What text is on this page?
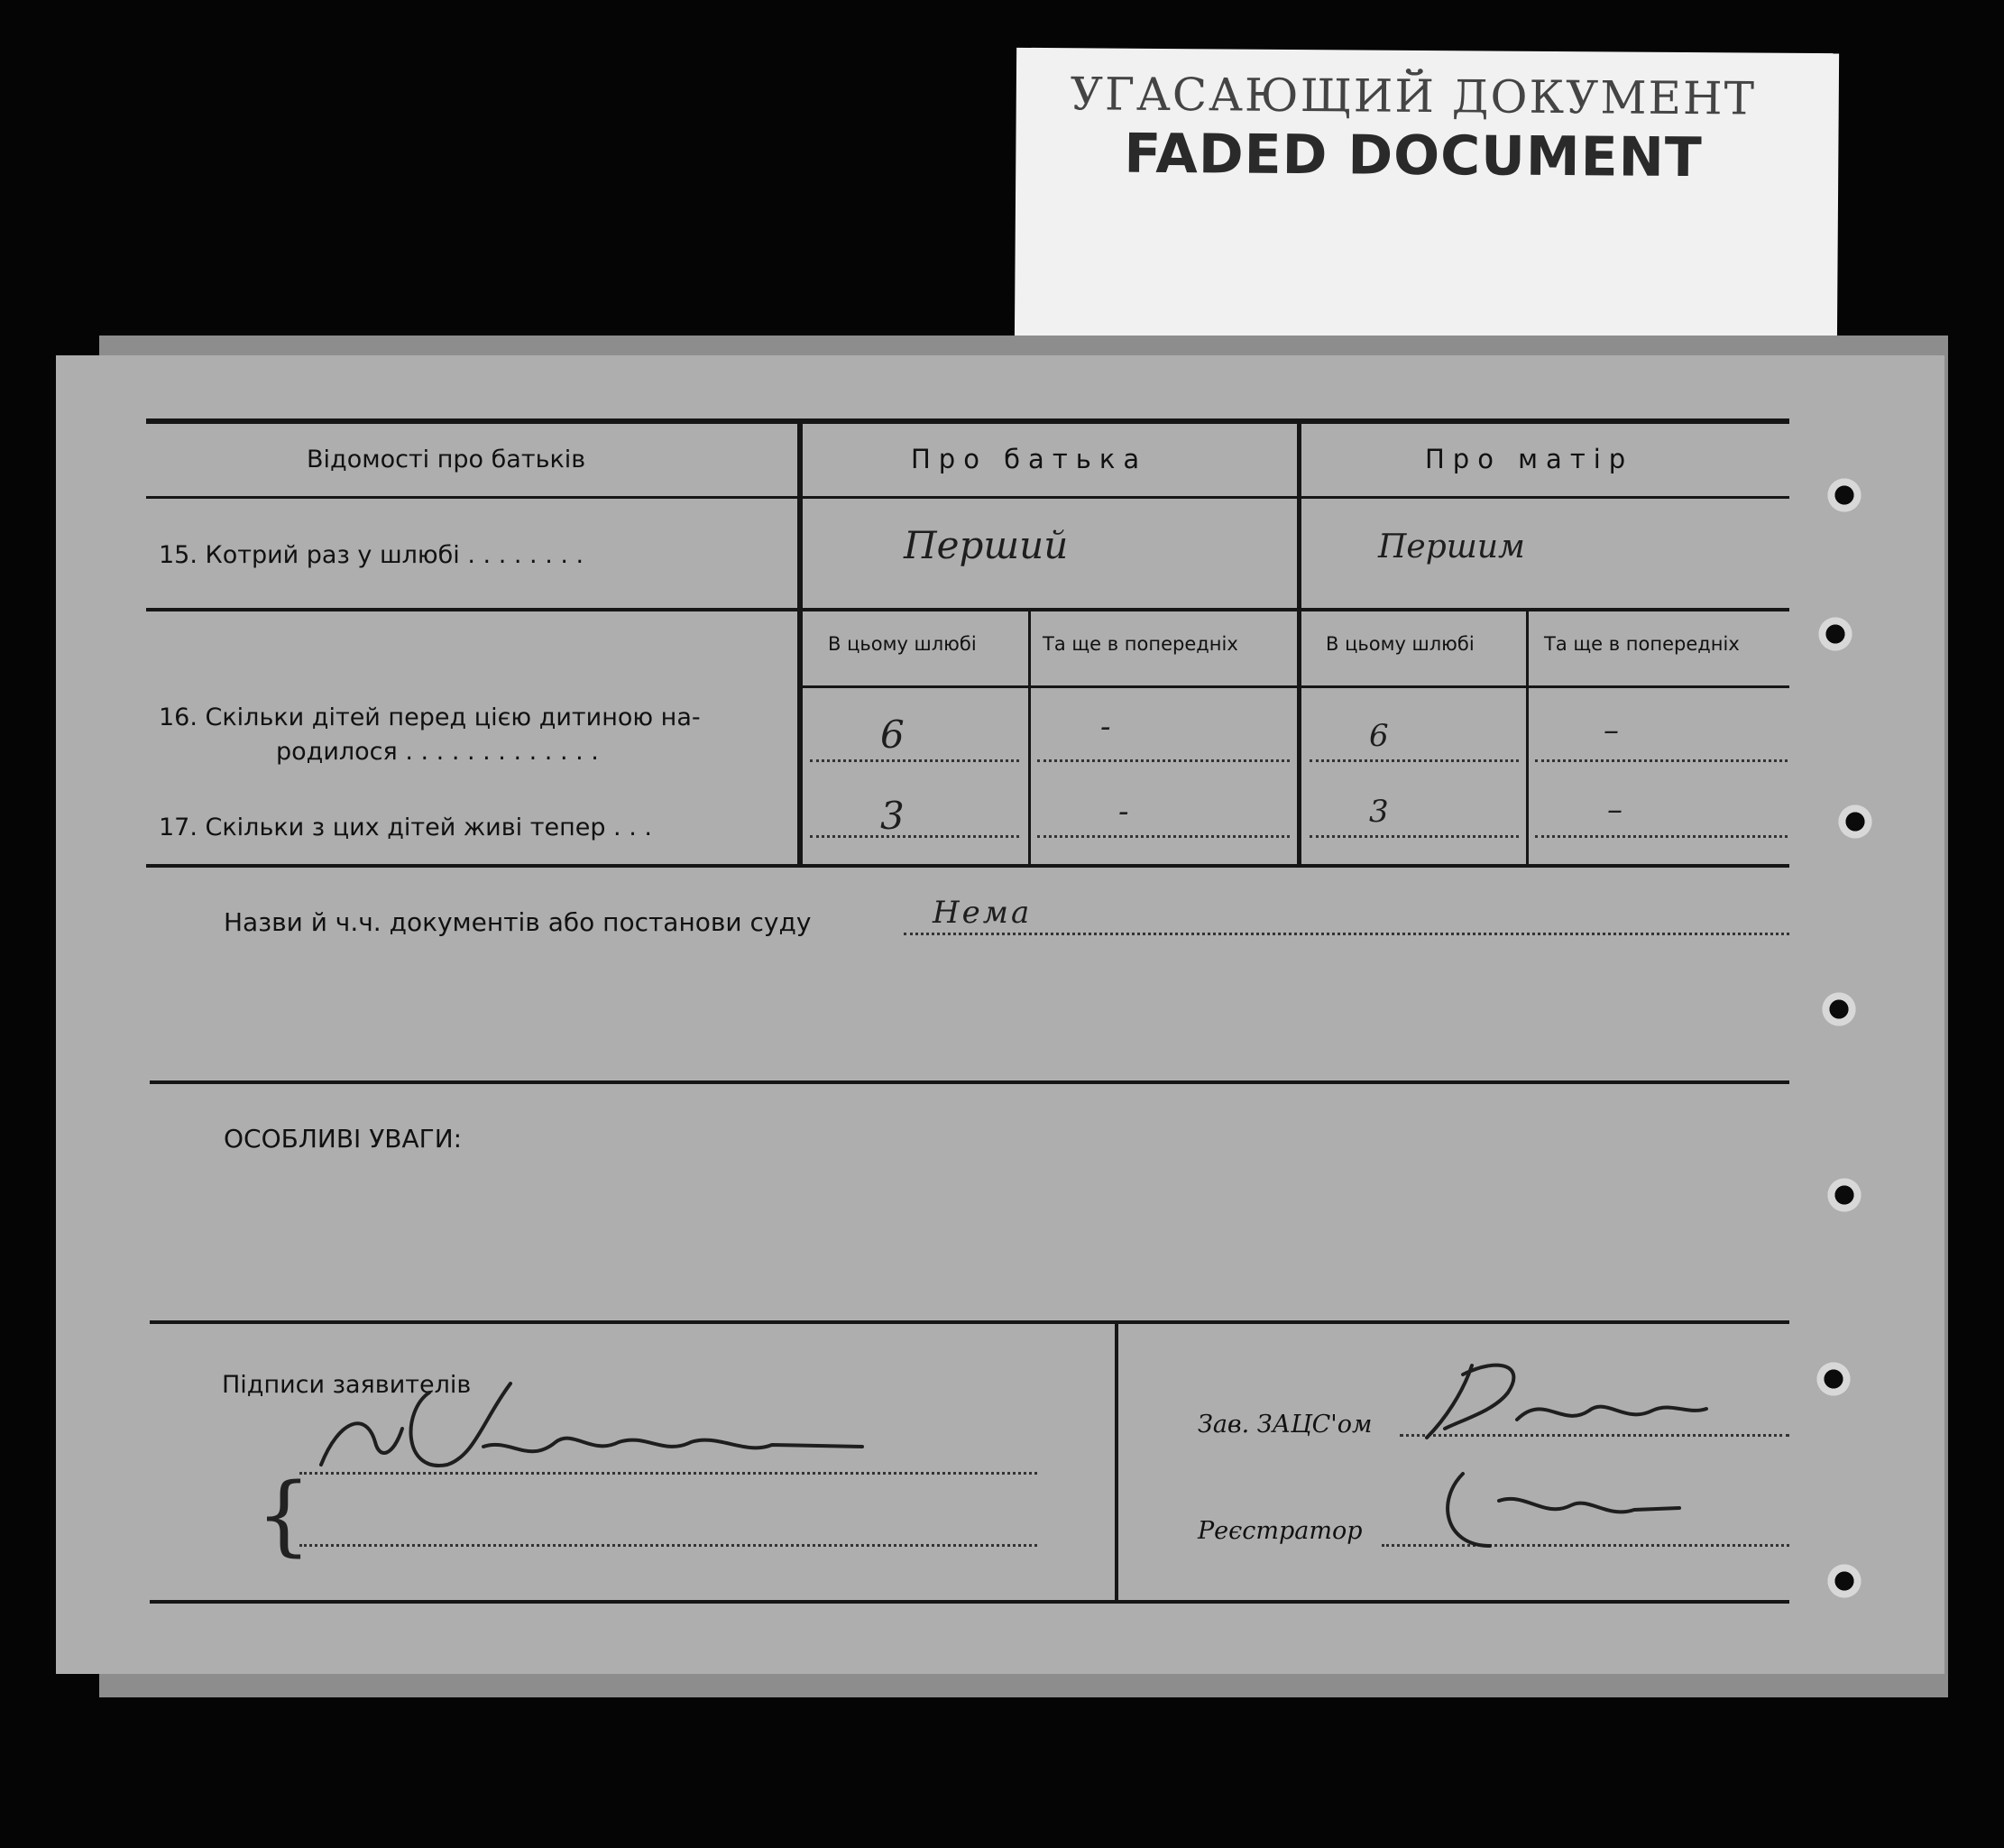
УГАСАЮЩИЙ ДОКУМЕНТ
FADED DOCUMENT
Відомості про батьків	Про батька	Про матір
15. Котрий раз у шлюбі . . . . . . . .	Перший	Першим
В цьому шлюбі	Та ще в попередніх	В цьому шлюбі	Та ще в попередніх
16. Скільки дітей перед цією дитиною на-
родилося . . . . . . . . . . . . .	6	-	6	–
17. Скільки з цих дітей живі тепер . . .	3	-	3	–
Назви й ч.ч. документів або постанови суду	Нема
ОСОБЛИВІ УВАГИ:
Підписи заявителів
{
Зав. ЗАЦС'ом
Реєстратор
